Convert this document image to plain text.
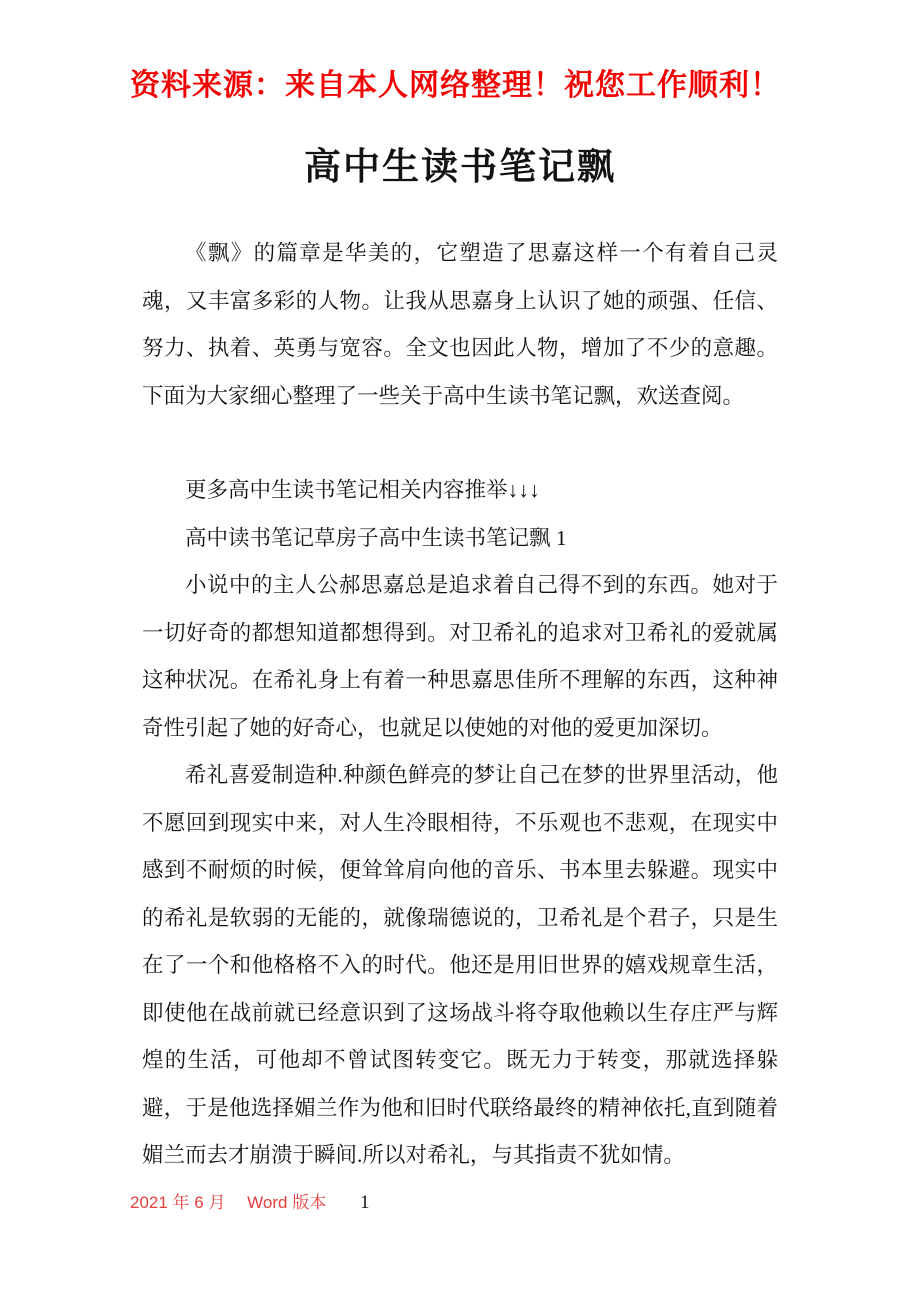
资料来源：来自本人网络整理！祝您工作顺利！
高中生读书笔记飘

《飘》的篇章是华美的，它塑造了思嘉这样一个有着自己灵魂，又丰富多彩的人物。让我从思嘉身上认识了她的顽强、任信、努力、执着、英勇与宽容。全文也因此人物，增加了不少的意趣。下面为大家细心整理了一些关于高中生读书笔记飘，欢送查阅。

更多高中生读书笔记相关内容推举↓↓↓

高中读书笔记草房子高中生读书笔记飘 1

小说中的主人公郝思嘉总是追求着自己得不到的东西。她对于一切好奇的都想知道都想得到。对卫希礼的追求对卫希礼的爱就属这种状况。在希礼身上有着一种思嘉思佳所不理解的东西，这种神奇性引起了她的好奇心，也就足以使她的对他的爱更加深切。

希礼喜爱制造种.种颜色鲜亮的梦让自己在梦的世界里活动，他不愿回到现实中来，对人生冷眼相待，不乐观也不悲观，在现实中感到不耐烦的时候，便耸耸肩向他的音乐、书本里去躲避。现实中的希礼是软弱的无能的，就像瑞德说的，卫希礼是个君子，只是生在了一个和他格格不入的时代。他还是用旧世界的嬉戏规章生活，即使他在战前就已经意识到了这场战斗将夺取他赖以生存庄严与辉煌的生活，可他却不曾试图转变它。既无力于转变，那就选择躲避，于是他选择媚兰作为他和旧时代联络最终的精神依托,直到随着媚兰而去才崩溃于瞬间.所以对希礼，与其指责不犹如情。

2021 年 6 月　 Word 版本 1
